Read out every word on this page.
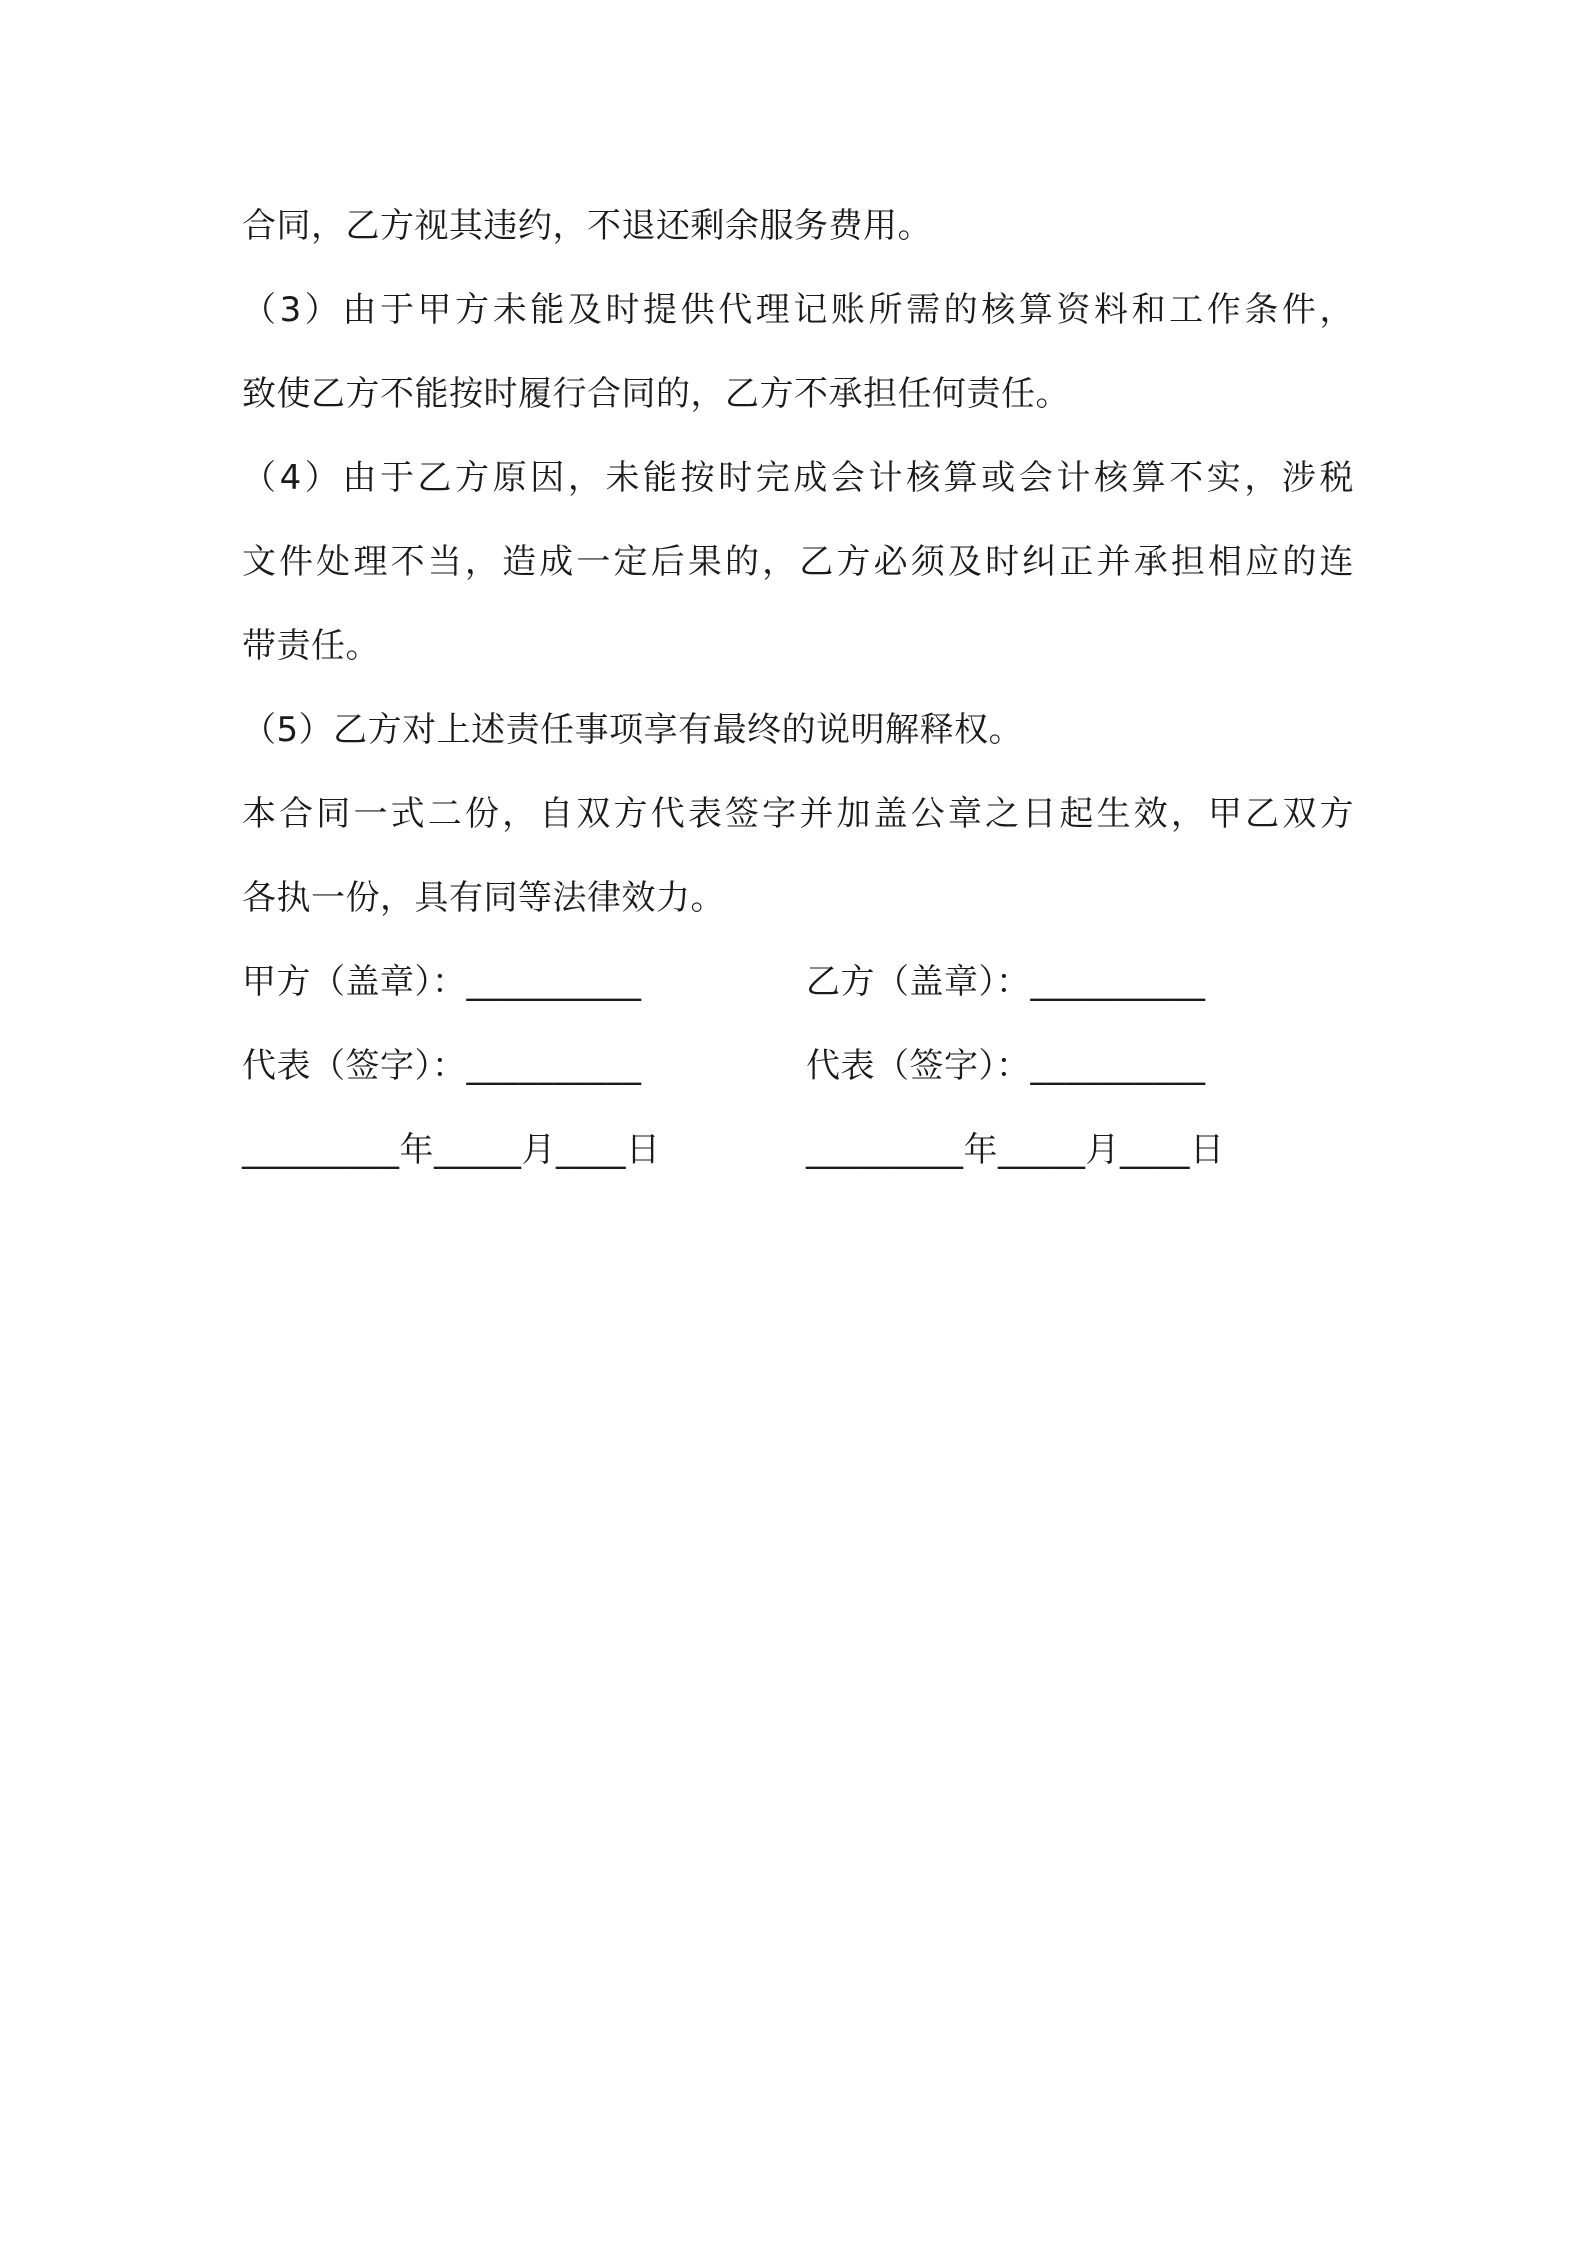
合同，乙方视其违约，不退还剩余服务费用。
（3）由于甲方未能及时提供代理记账所需的核算资料和工作条件，
致使乙方不能按时履行合同的，乙方不承担任何责任。
（4）由于乙方原因，未能按时完成会计核算或会计核算不实，涉税
文件处理不当，造成一定后果的，乙方必须及时纠正并承担相应的连
带责任。
（5）乙方对上述责任事项享有最终的说明解释权。
本合同一式二份，自双方代表签字并加盖公章之日起生效，甲乙双方
各执一份，具有同等法律效力。
甲方（盖章）：__________	乙方（盖章）：__________
代表（签字）：__________	代表（签字）：__________
_________年_____月____日	_________年_____月____日
